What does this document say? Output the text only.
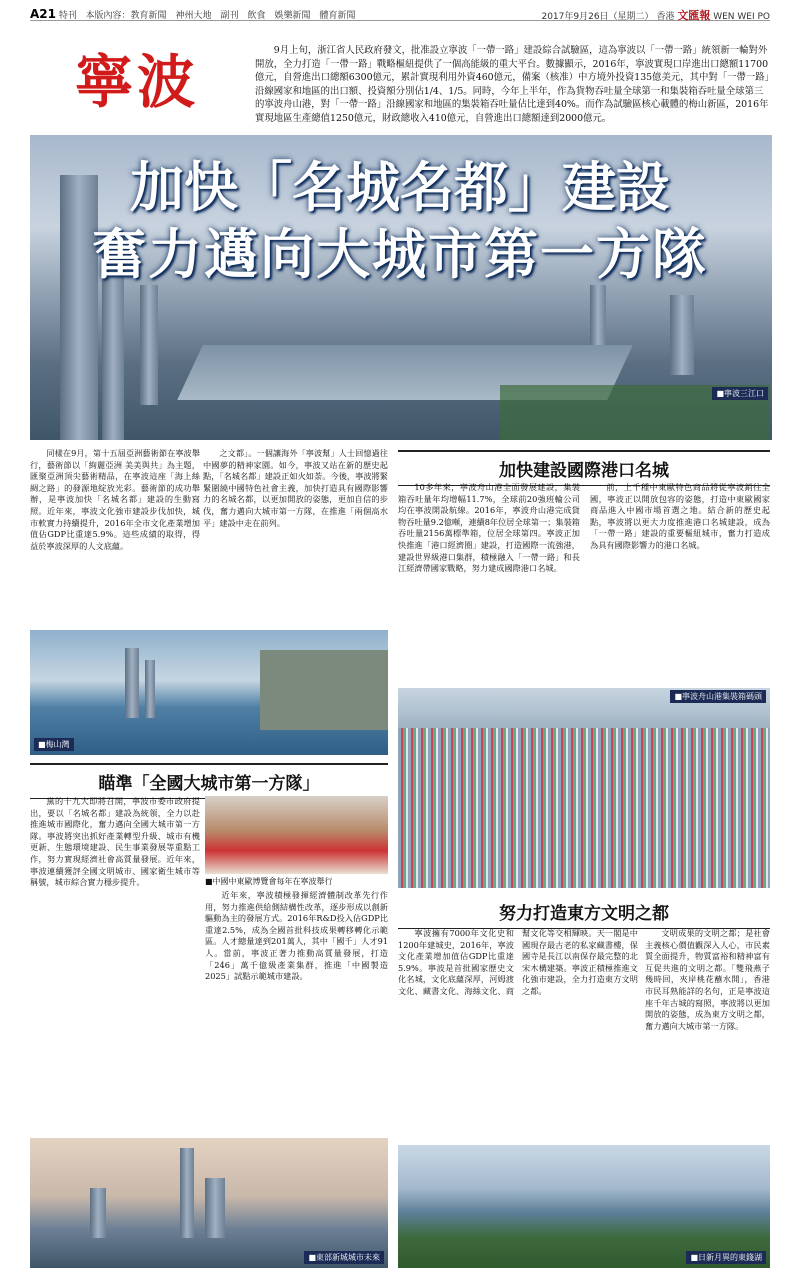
A21 特刊 本版內容：教育新聞　神州大地　副刊　飲食　娛樂新聞　體育新聞	2017年9月26日（星期二） 香港 文匯報 WEN WEI PO
寧波	9月上旬，浙江省人民政府發文，批准設立寧波「一帶一路」建設綜合試驗區，這為寧波以「一帶一路」統領新一輪對外開放，全力打造「一帶一路」戰略樞紐提供了一個高能級的重大平台。數據顯示，2016年，寧波實現口岸進出口總額11700億元，自營進出口總額6300億元，累計實現利用外資460億元，備案（核准）中方境外投資135億美元，其中對「一帶一路」沿線國家和地區的出口額、投資額分別佔1/4、1/5。同時，今年上半年，作為貨物吞吐量全球第一和集裝箱吞吐量全球第三的寧波舟山港，對「一帶一路」沿線國家和地區的集裝箱吞吐量佔比達到40%。而作為試驗區核心載體的梅山新區，2016年實現地區生產總值1250億元，財政總收入410億元，自營進出口總額達到2000億元。
■寧波三江口
加快「名城名都」建設
奮力邁向大城市第一方隊

同樣在9月，第十五屆亞洲藝術節在寧波舉行，藝術節以「絢麗亞洲 美美與共」為主題，匯聚亞洲頂尖藝術精品，在寧波這座「海上絲綢之路」的發源地綻放光彩。藝術節的成功舉辦，是寧波加快「名城名都」建設的生動寫照。近年來，寧波文化強市建設步伐加快，城市軟實力持續提升，2016年全市文化產業增加值佔GDP比重達5.9%。這些成績的取得，得益於寧波深厚的人文底蘊。

之文都」。一個讓海外「寧波幫」人士回憶過往中國夢的精神家園。如今，寧波又站在新的歷史起點，「名城名都」建設正如火如荼。今後，寧波將緊緊圍繞中國特色社會主義，加快打造具有國際影響力的名城名都，以更加開放的姿態，更加自信的步伐，奮力邁向大城市第一方隊，在推進「兩個高水平」建設中走在前列。

■梅山灣
加快建設國際港口名城

10多年來，寧波舟山港全面發展建設，集裝箱吞吐量年均增幅11.7%，全球前20強班輪公司均在寧波開設航線。2016年，寧波舟山港完成貨物吞吐量9.2億噸，連續8年位居全球第一；集裝箱吞吐量2156萬標準箱，位居全球第四。寧波正加快推進「港口經濟圈」建設，打造國際一流強港，建設世界級港口集群，積極融入「一帶一路」和長江經濟帶國家戰略，努力建成國際港口名城。

前，上千種中東歐特色商品將從寧波銷往全國，寧波正以開放包容的姿態，打造中東歐國家商品進入中國市場首選之地。結合新的歷史起點，寧波將以更大力度推進港口名城建設，成為「一帶一路」建設的重要樞紐城市，奮力打造成為具有國際影響力的港口名城。

■寧波舟山港集裝箱碼頭
瞄準「全國大城市第一方隊」

黨的十九大即將召開，寧波市委市政府提出，要以「名城名都」建設為統領，全力以赴推進城市國際化，奮力邁向全國大城市第一方隊。寧波將突出抓好產業轉型升級、城市有機更新、生態環境建設、民生事業發展等重點工作，努力實現經濟社會高質量發展。近年來，寧波連續獲評全國文明城市、國家衛生城市等稱號，城市綜合實力穩步提升。	■中國中東歐博覽會每年在寧波舉行

近年來，寧波積極發揮經濟體制改革先行作用，努力推進供給側結構性改革，逐步形成以創新驅動為主的發展方式。2016年R&D投入佔GDP比重達2.5%，成為全國首批科技成果轉移轉化示範區。人才總量達到201萬人，其中「國千」人才91人。當前，寧波正著力推動高質量發展，打造「246」萬千億級產業集群，推進「中國製造2025」試點示範城市建設。

■東部新城城市未來
努力打造東方文明之都

寧波擁有7000年文化史和1200年建城史，2016年，寧波文化產業增加值佔GDP比重達5.9%。寧波是首批國家歷史文化名城，文化底蘊深厚，河姆渡文化、藏書文化、海絲文化、商幫文化等交相輝映。天一閣是中國現存最古老的私家藏書樓，保國寺是長江以南保存最完整的北宋木構建築。寧波正積極推進文化強市建設，全力打造東方文明之都。

文明成果的文明之都；是社會主義核心價值觀深入人心，市民素質全面提升，物質富裕和精神富有互促共進的文明之都。「雙飛燕子幾時回，夾岸桃花蘸水開」，香港市民耳熟能詳的名句，正是寧波這座千年古城的寫照，寧波將以更加開放的姿態，成為東方文明之都，奮力邁向大城市第一方隊。

■日新月異的東錢湖
